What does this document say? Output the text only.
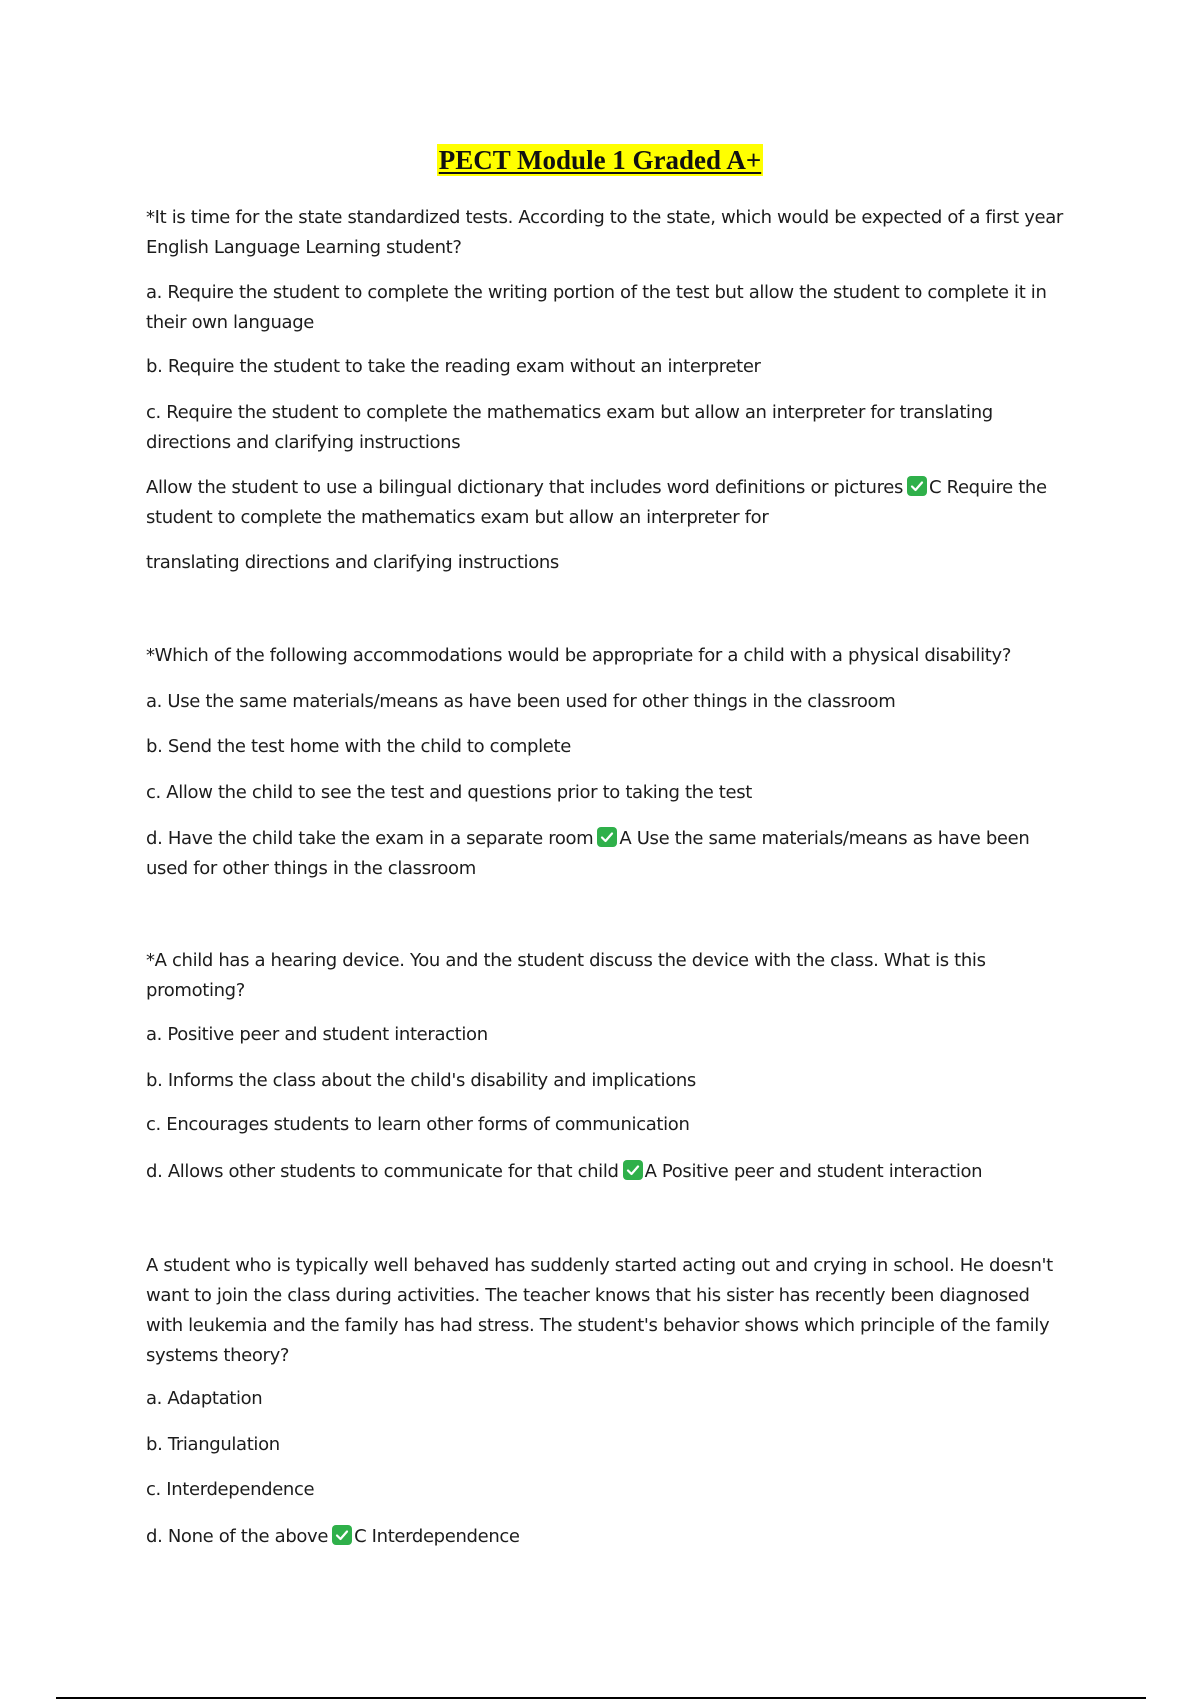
PECT Module 1 Graded A+
*It is time for the state standardized tests. According to the state, which would be expected of a first year English Language Learning student?
a. Require the student to complete the writing portion of the test but allow the student to complete it in their own language
b. Require the student to take the reading exam without an interpreter
c. Require the student to complete the mathematics exam but allow an interpreter for translating directions and clarifying instructions
Allow the student to use a bilingual dictionary that includes word definitions or pictures C Require the student to complete the mathematics exam but allow an interpreter for
translating directions and clarifying instructions
*Which of the following accommodations would be appropriate for a child with a physical disability?
a. Use the same materials/means as have been used for other things in the classroom
b. Send the test home with the child to complete
c. Allow the child to see the test and questions prior to taking the test
d. Have the child take the exam in a separate room A Use the same materials/means as have been used for other things in the classroom
*A child has a hearing device. You and the student discuss the device with the class. What is this promoting?
a. Positive peer and student interaction
b. Informs the class about the child's disability and implications
c. Encourages students to learn other forms of communication
d. Allows other students to communicate for that child A Positive peer and student interaction
A student who is typically well behaved has suddenly started acting out and crying in school. He doesn't want to join the class during activities. The teacher knows that his sister has recently been diagnosed with leukemia and the family has had stress. The student's behavior shows which principle of the family systems theory?
a. Adaptation
b. Triangulation
c. Interdependence
d. None of the above C Interdependence
